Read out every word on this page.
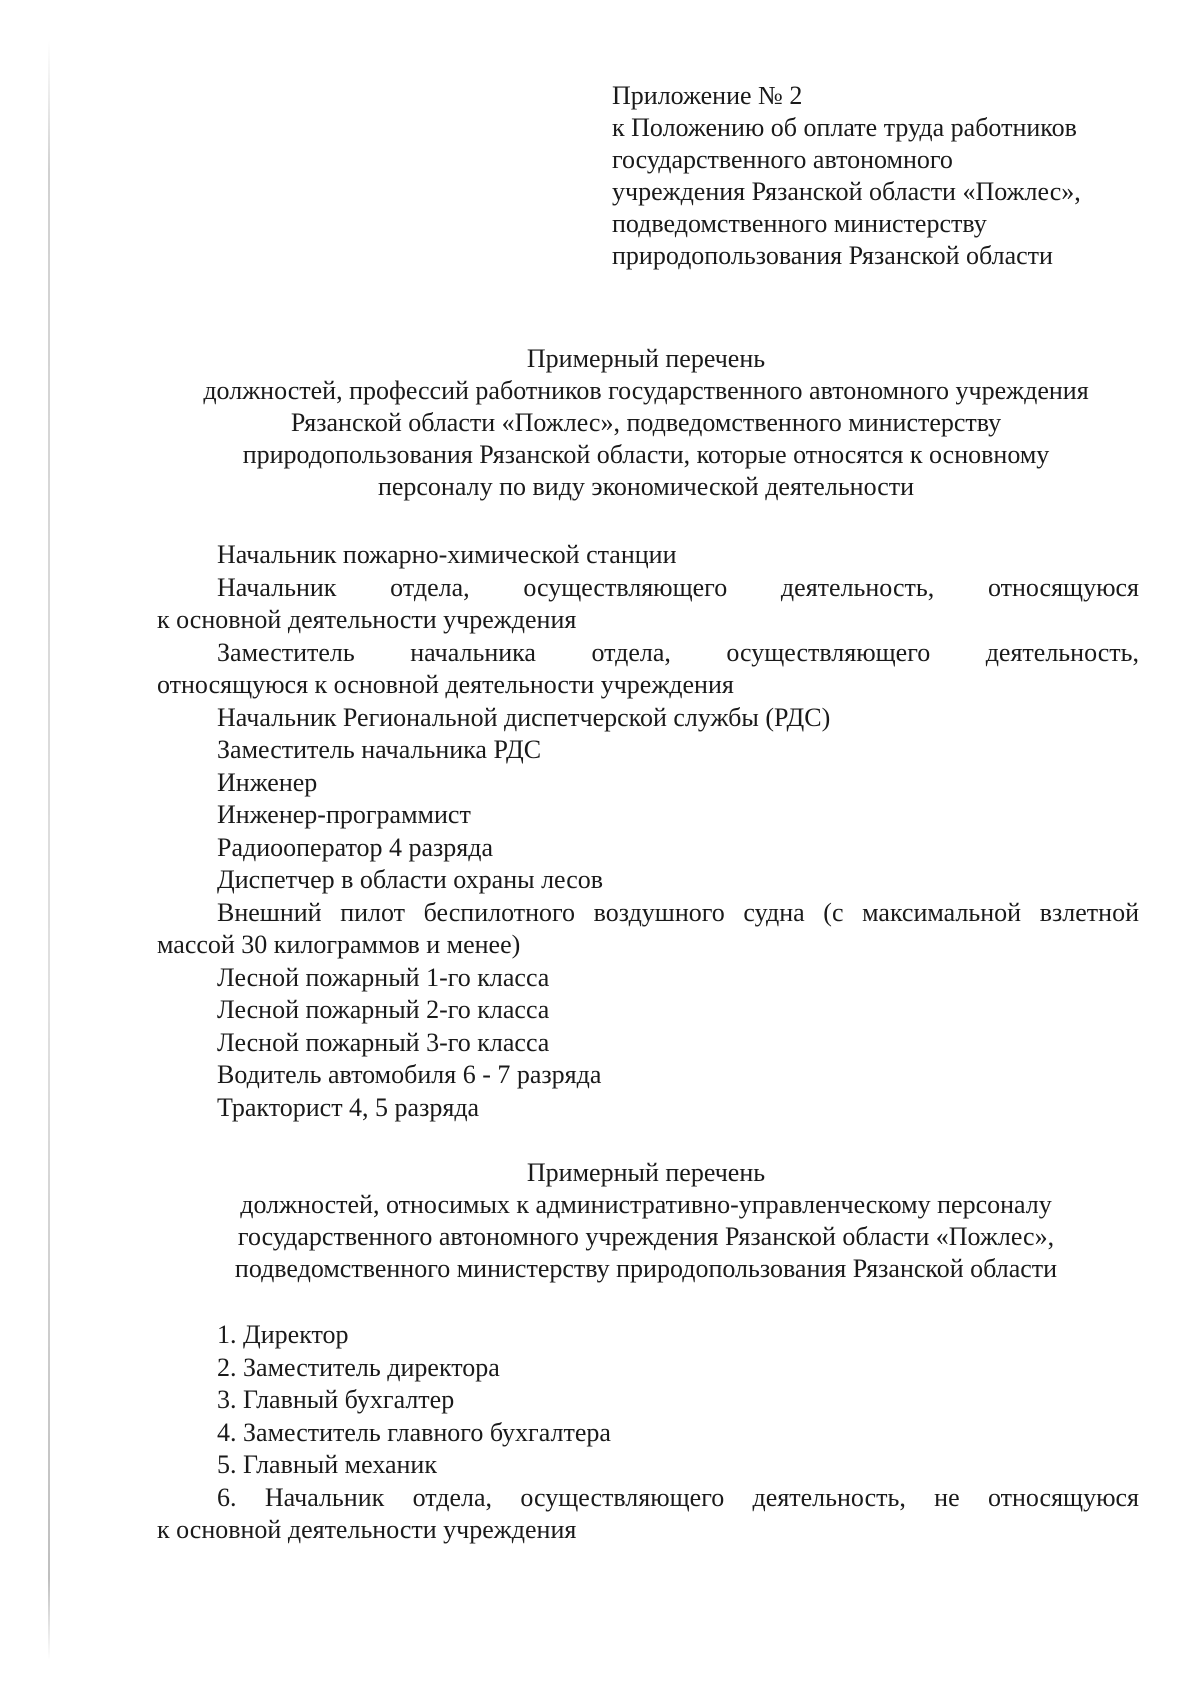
Приложение № 2
к Положению об оплате труда работников
государственного автономного
учреждения Рязанской области «Пожлес»,
подведомственного министерству
природопользования Рязанской области
Примерный перечень
должностей, профессий работников государственного автономного учреждения
Рязанской области «Пожлес», подведомственного министерству
природопользования Рязанской области, которые относятся к основному
персоналу по виду экономической деятельности
Начальник пожарно-химической станции
Начальник отдела, осуществляющего деятельность, относящуюся
к основной деятельности учреждения
Заместитель начальника отдела, осуществляющего деятельность,
относящуюся к основной деятельности учреждения
Начальник Региональной диспетчерской службы (РДС)
Заместитель начальника РДС
Инженер
Инженер-программист
Радиооператор 4 разряда
Диспетчер в области охраны лесов
Внешний пилот беспилотного воздушного судна (с максимальной взлетной
массой 30 килограммов и менее)
Лесной пожарный 1-го класса
Лесной пожарный 2-го класса
Лесной пожарный 3-го класса
Водитель автомобиля 6 - 7 разряда
Тракторист 4, 5 разряда
Примерный перечень
должностей, относимых к административно-управленческому персоналу
государственного автономного учреждения Рязанской области «Пожлес»,
подведомственного министерству природопользования Рязанской области
1. Директор
2. Заместитель директора
3. Главный бухгалтер
4. Заместитель главного бухгалтера
5. Главный механик
6. Начальник отдела, осуществляющего деятельность, не относящуюся
к основной деятельности учреждения
